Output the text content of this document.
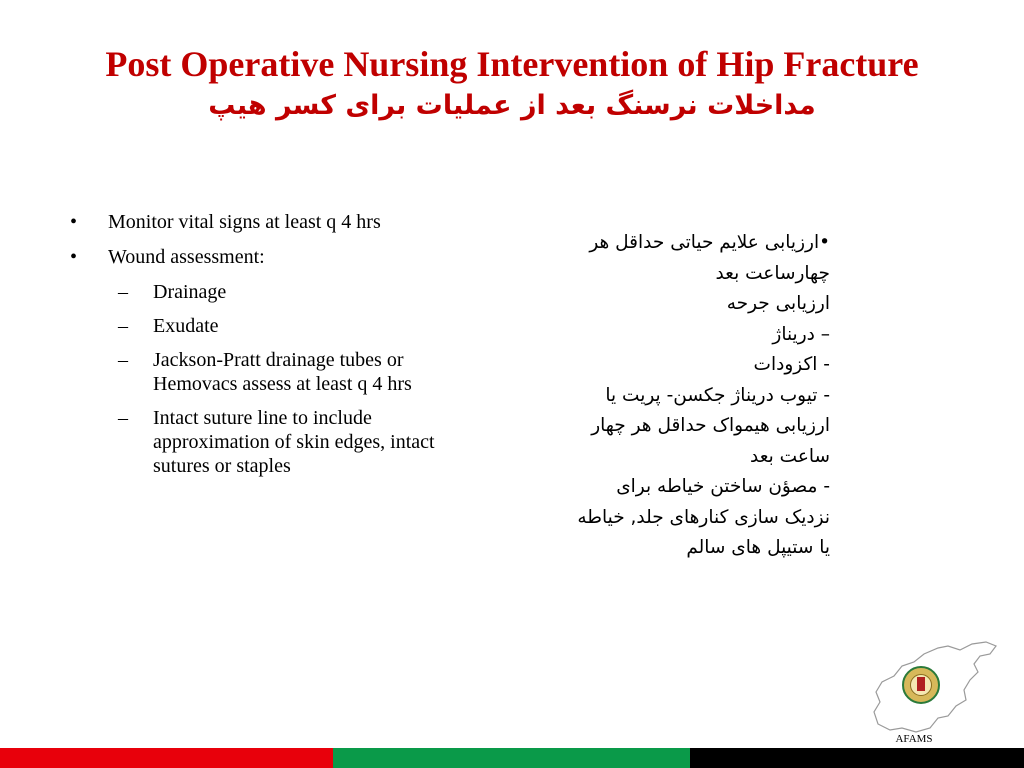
Post Operative Nursing Intervention of Hip Fracture
مداخلات نرسنگ بعد از عملیات برای کسر هیپ
• Monitor vital signs at least q 4 hrs
• Wound assessment:
– Drainage
– Exudate
– Jackson-Pratt drainage tubes or Hemovacs assess at least q 4 hrs
– Intact suture line to include approximation of skin edges, intact sutures or staples
•ارزیابی علایم حیاتی حداقل هر
چهارساعت بعد
ارزیابی جرحه
– دریناژ
- اکزودات
- تیوب دریناژ جکسن- پریت یا
ارزیابی هیمواک حداقل هر چهار
ساعت بعد
- مصؤن ساختن خیاطه برای
نزدیک سازی کنارهای جلد, خیاطه
یا ستیپل های سالم
AFAMS
